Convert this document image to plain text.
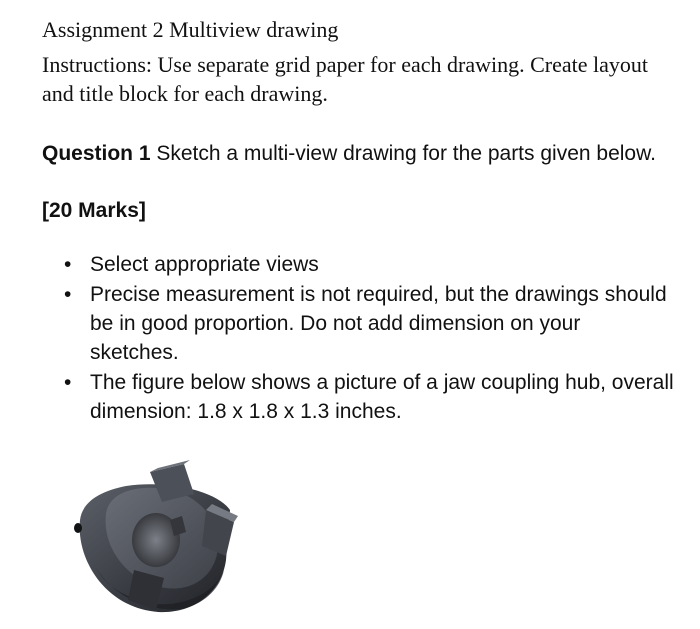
Assignment 2 Multiview drawing
Instructions: Use separate grid paper for each drawing. Create layout and title block for each drawing.
Question 1 Sketch a multi-view drawing for the parts given below.
[20 Marks]
• Select appropriate views
• Precise measurement is not required, but the drawings should be in good proportion. Do not add dimension on your sketches.
• The figure below shows a picture of a jaw coupling hub, overall dimension: 1.8 x 1.8 x 1.3 inches.
